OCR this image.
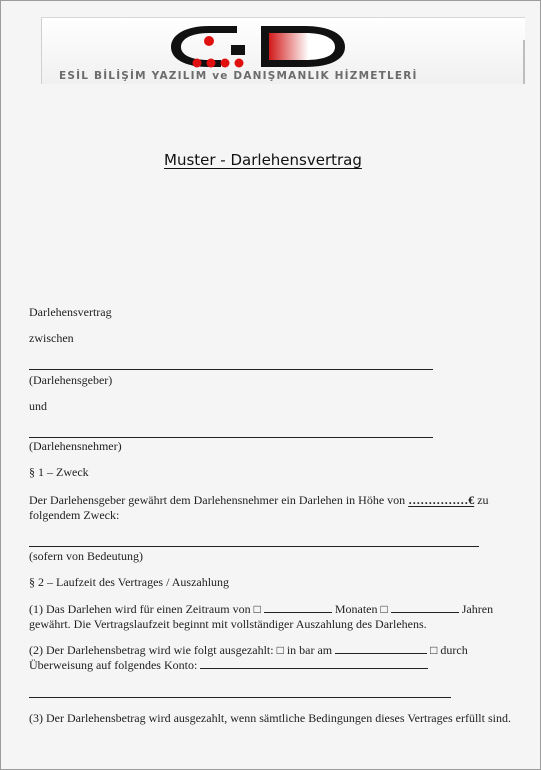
ESİL BİLİŞİM YAZILIM ve DANIŞMANLIK HİZMETLERİ
Muster - Darlehensvertrag
Darlehensvertrag
zwischen
(Darlehensgeber)
und
(Darlehensnehmer)
§ 1 – Zweck
Der Darlehensgeber gewährt dem Darlehensnehmer ein Darlehen in Höhe von ……………€ zu
folgendem Zweck:
(sofern von Bedeutung)
§ 2 – Laufzeit des Vertrages / Auszahlung
(1) Das Darlehen wird für einen Zeitraum von □	Monaten □	Jahren
gewährt. Die Vertragslaufzeit beginnt mit vollständiger Auszahlung des Darlehens.
(2) Der Darlehensbetrag wird wie folgt ausgezahlt: □ in bar am	□ durch
Überweisung auf folgendes Konto:
(3) Der Darlehensbetrag wird ausgezahlt, wenn sämtliche Bedingungen dieses Vertrages erfüllt sind.
